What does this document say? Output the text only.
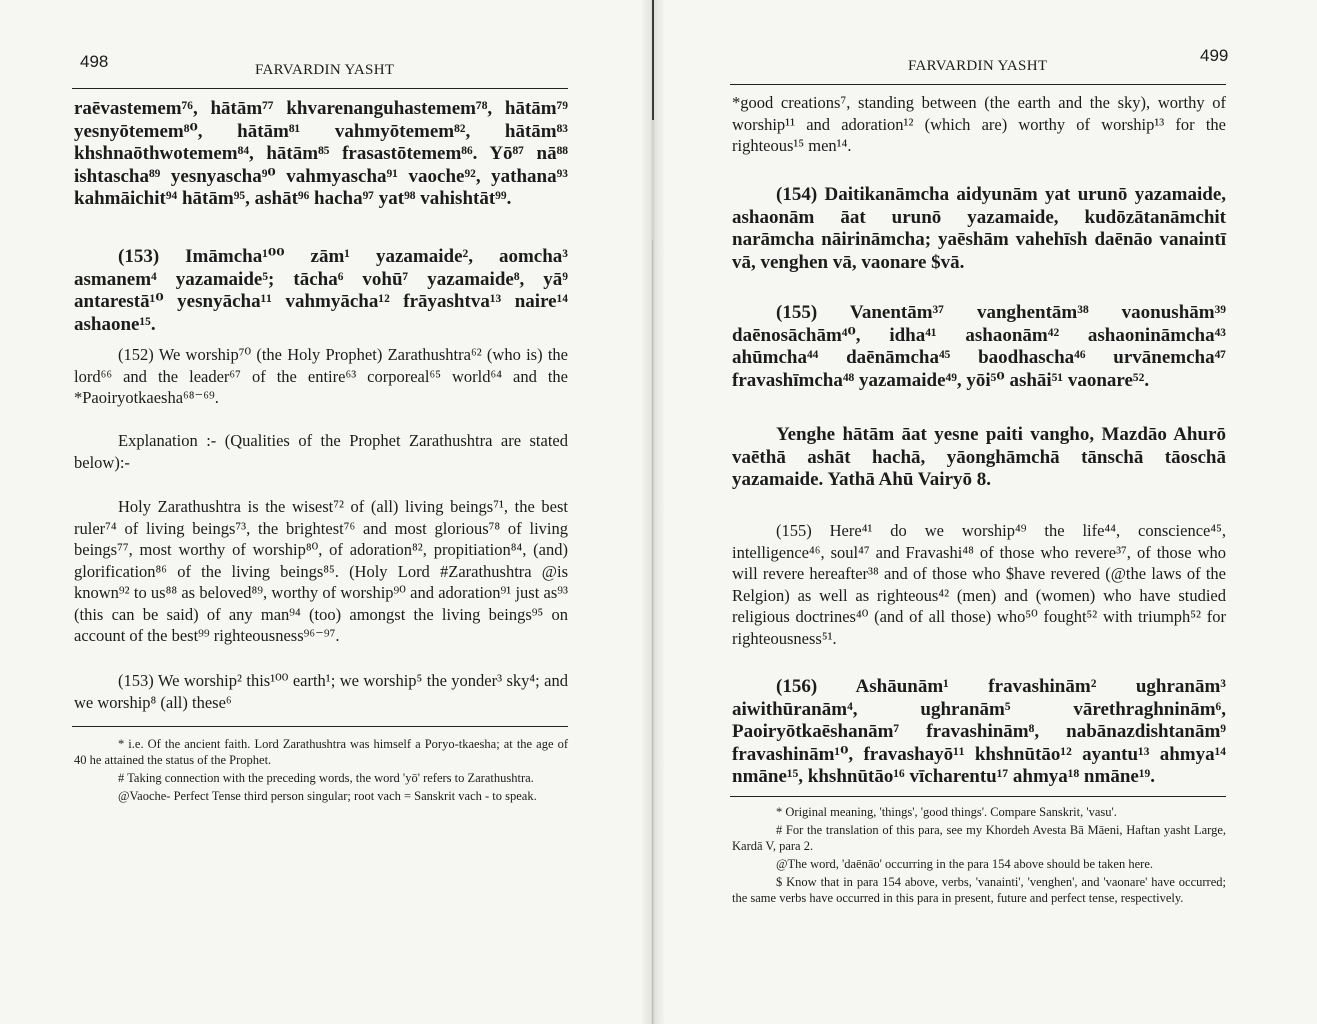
498	FARVARDIN YASHT

raēvastemem⁷⁶, hātām⁷⁷ khvarenanguhastemem⁷⁸, hātām⁷⁹ yesnyōtemem⁸⁰, hātām⁸¹ vahmyōtemem⁸², hātām⁸³ khshnaōthwotemem⁸⁴, hātām⁸⁵ frasastōtemem⁸⁶. Yō⁸⁷ nā⁸⁸ ishtascha⁸⁹ yesnyascha⁹⁰ vahmyascha⁹¹ vaoche⁹², yathana⁹³ kahmāichit⁹⁴ hātām⁹⁵, ashāt⁹⁶ hacha⁹⁷ yat⁹⁸ vahishtāt⁹⁹.

(153) Imāmcha¹⁰⁰ zām¹ yazamaide², aomcha³ asmanem⁴ yazamaide⁵; tācha⁶ vohū⁷ yazamaide⁸, yā⁹ antarestā¹⁰ yesnyācha¹¹ vahmyācha¹² frāyashtva¹³ naire¹⁴ ashaone¹⁵.

(152) We worship⁷⁰ (the Holy Prophet) Zarathushtra⁶² (who is) the lord⁶⁶ and the leader⁶⁷ of the entire⁶³ corporeal⁶⁵ world⁶⁴ and the *Paoiryotkaesha⁶⁸⁻⁶⁹.

Explanation :- (Qualities of the Prophet Zarathushtra are stated below):-

Holy Zarathushtra is the wisest⁷² of (all) living beings⁷¹, the best ruler⁷⁴ of living beings⁷³, the brightest⁷⁶ and most glorious⁷⁸ of living beings⁷⁷, most worthy of worship⁸⁰, of adoration⁸², propitiation⁸⁴, (and) glorification⁸⁶ of the living beings⁸⁵. (Holy Lord #Zarathushtra @is known⁹² to us⁸⁸ as beloved⁸⁹, worthy of worship⁹⁰ and adoration⁹¹ just as⁹³ (this can be said) of any man⁹⁴ (too) amongst the living beings⁹⁵ on account of the best⁹⁹ righteousness⁹⁶⁻⁹⁷.

(153) We worship² this¹⁰⁰ earth¹; we worship⁵ the yonder³ sky⁴; and we worship⁸ (all) these⁶

* i.e. Of the ancient faith. Lord Zarathushtra was himself a Poryo-tkaesha; at the age of 40 he attained the status of the Prophet.

# Taking connection with the preceding words, the word 'yō' refers to Zarathushtra.

@Vaoche- Perfect Tense third person singular; root vach = Sanskrit vach - to speak.

499
FARVARDIN YASHT

*good creations⁷, standing between (the earth and the sky), worthy of worship¹¹ and adoration¹² (which are) worthy of worship¹³ for the righteous¹⁵ men¹⁴.

(154) Daitikanāmcha aidyunām yat urunō yazamaide, ashaonām āat urunō yazamaide, kudōzātanāmchit narāmcha nāirināmcha; yaēshām vahehīsh daēnāo vanaintī vā, venghen vā, vaonare $vā.

(155) Vanentām³⁷ vanghentām³⁸ vaonushām³⁹ daēnosāchām⁴⁰, idha⁴¹ ashaonām⁴² ashaonināmcha⁴³ ahūmcha⁴⁴ daēnāmcha⁴⁵ baodhascha⁴⁶ urvānemcha⁴⁷ fravashīmcha⁴⁸ yazamaide⁴⁹, yōi⁵⁰ ashāi⁵¹ vaonare⁵².

Yenghe hātām āat yesne paiti vangho, Mazdāo Ahurō vaēthā ashāt hachā, yāonghāmchā tānschā tāoschā yazamaide. Yathā Ahū Vairyō 8.

(155) Here⁴¹ do we worship⁴⁹ the life⁴⁴, conscience⁴⁵, intelligence⁴⁶, soul⁴⁷ and Fravashi⁴⁸ of those who revere³⁷, of those who will revere hereafter³⁸ and of those who $have revered (@the laws of the Relgion) as well as righteous⁴² (men) and (women) who have studied religious doctrines⁴⁰ (and of all those) who⁵⁰ fought⁵² with triumph⁵² for righteousness⁵¹.

(156) Ashāunām¹ fravashinām² ughranām³ aiwithūranām⁴, ughranām⁵ vārethraghninām⁶, Paoiryōtkaēshanām⁷ fravashinām⁸, nabānazdishtanām⁹ fravashinām¹⁰, fravashayō¹¹ khshnūtāo¹² ayantu¹³ ahmya¹⁴ nmāne¹⁵, khshnūtāo¹⁶ vīcharentu¹⁷ ahmya¹⁸ nmāne¹⁹.

* Original meaning, 'things', 'good things'. Compare Sanskrit, 'vasu'.

# For the translation of this para, see my Khordeh Avesta Bā Māeni, Haftan yasht Large, Kardā V, para 2.

@The word, 'daēnāo' occurring in the para 154 above should be taken here.

$ Know that in para 154 above, verbs, 'vanainti', 'venghen', and 'vaonare' have occurred; the same verbs have occurred in this para in present, future and perfect tense, respectively.
